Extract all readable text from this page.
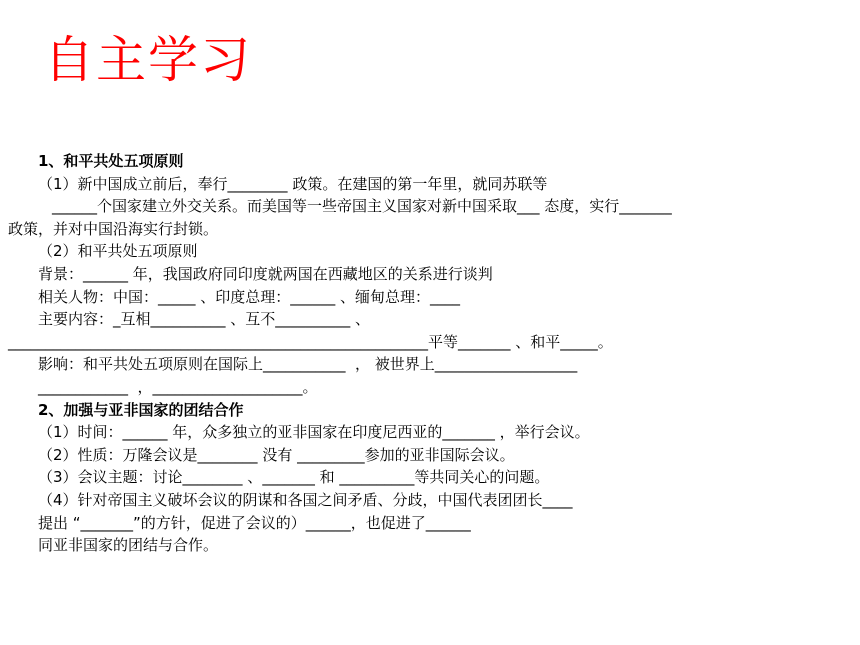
自主学习
1、和平共处五项原则
（1）新中国成立前后，奉行________ 政策。在建国的第一年里，就同苏联等
______个国家建立外交关系。而美国等一些帝国主义国家对新中国采取___ 态度，实行_______
政策，并对中国沿海实行封锁。
（2）和平共处五项原则
背景：______ 年，我国政府同印度就两国在西藏地区的关系进行谈判
相关人物：中国：_____ 、印度总理：______ 、缅甸总理：____
主要内容：_互相__________ 、互不__________ 、
________________________________________________________平等_______ 、和平_____。
影响：和平共处五项原则在国际上___________  ， 被世界上___________________
____________  ，____________________。
2、加强与亚非国家的团结合作
（1）时间：______ 年，众多独立的亚非国家在印度尼西亚的_______ ，举行会议。
（2）性质：万隆会议是________ 没有 _________参加的亚非国际会议。
（3）会议主题：讨论________ 、_______ 和 __________等共同关心的问题。
（4）针对帝国主义破坏会议的阴谋和各国之间矛盾、分歧，中国代表团团长____
提出 “_______”的方针，促进了会议的）______，也促进了______
同亚非国家的团结与合作。
